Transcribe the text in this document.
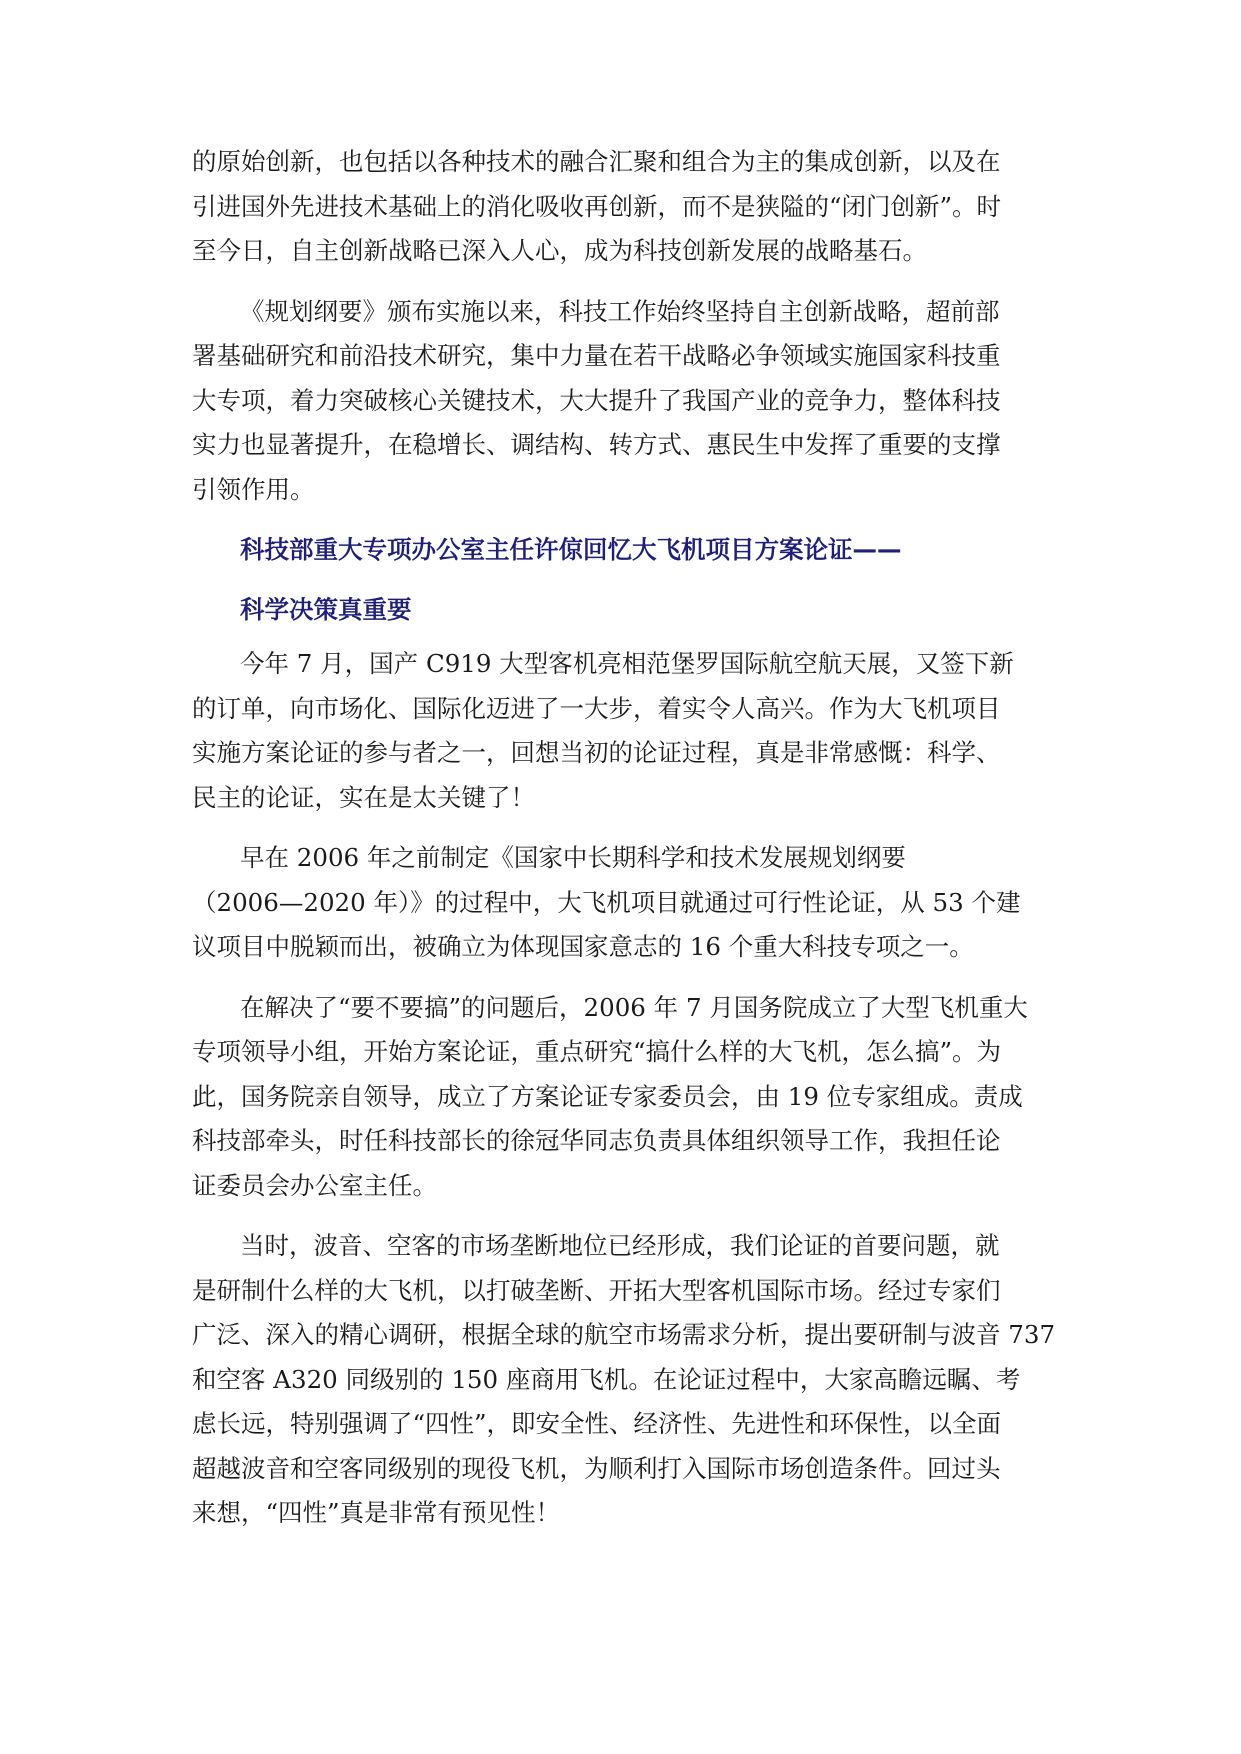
的原始创新，也包括以各种技术的融合汇聚和组合为主的集成创新，以及在
引进国外先进技术基础上的消化吸收再创新，而不是狭隘的“闭门创新”。时
至今日，自主创新战略已深入人心，成为科技创新发展的战略基石。
《规划纲要》颁布实施以来，科技工作始终坚持自主创新战略，超前部
署基础研究和前沿技术研究，集中力量在若干战略必争领域实施国家科技重
大专项，着力突破核心关键技术，大大提升了我国产业的竞争力，整体科技
实力也显著提升，在稳增长、调结构、转方式、惠民生中发挥了重要的支撑
引领作用。
科技部重大专项办公室主任许倞回忆大飞机项目方案论证——
科学决策真重要
今年 7 月，国产 C919 大型客机亮相范堡罗国际航空航天展，又签下新
的订单，向市场化、国际化迈进了一大步，着实令人高兴。作为大飞机项目
实施方案论证的参与者之一，回想当初的论证过程，真是非常感慨：科学、
民主的论证，实在是太关键了！
早在 2006 年之前制定《国家中长期科学和技术发展规划纲要
（2006—2020 年）》的过程中，大飞机项目就通过可行性论证，从 53 个建
议项目中脱颖而出，被确立为体现国家意志的 16 个重大科技专项之一。
在解决了“要不要搞”的问题后，2006 年 7 月国务院成立了大型飞机重大
专项领导小组，开始方案论证，重点研究“搞什么样的大飞机，怎么搞”。为
此，国务院亲自领导，成立了方案论证专家委员会，由 19 位专家组成。责成
科技部牵头，时任科技部长的徐冠华同志负责具体组织领导工作，我担任论
证委员会办公室主任。
当时，波音、空客的市场垄断地位已经形成，我们论证的首要问题，就
是研制什么样的大飞机，以打破垄断、开拓大型客机国际市场。经过专家们
广泛、深入的精心调研，根据全球的航空市场需求分析，提出要研制与波音 737
和空客 A320 同级别的 150 座商用飞机。在论证过程中，大家高瞻远瞩、考
虑长远，特别强调了“四性”，即安全性、经济性、先进性和环保性，以全面
超越波音和空客同级别的现役飞机，为顺利打入国际市场创造条件。回过头
来想，“四性”真是非常有预见性！
